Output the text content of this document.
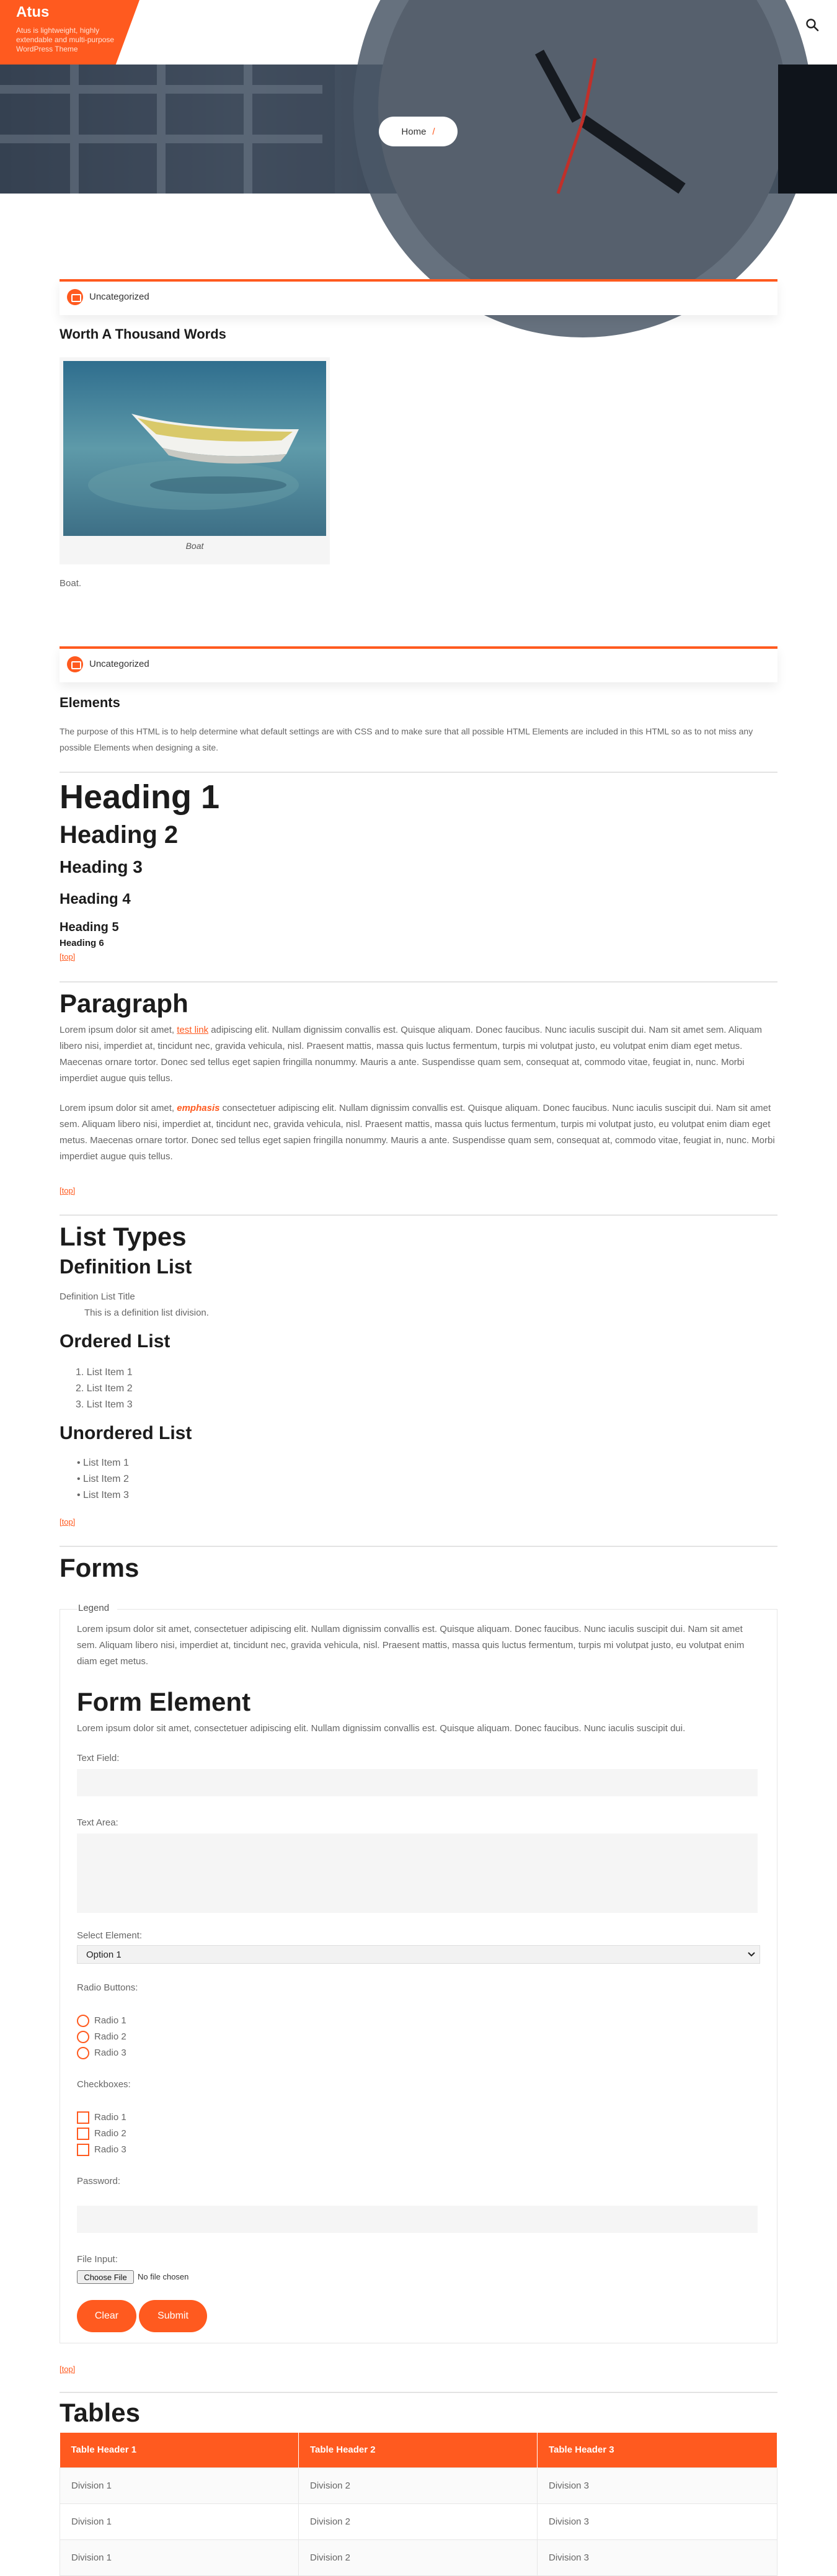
Atus
Atus is lightweight, highly extendable and multi-purpose WordPress Theme
Home /
Uncategorized
Worth A Thousand Words
Boat
Boat.
Uncategorized
Elements
The purpose of this HTML is to help determine what default settings are with CSS and to make sure that all possible HTML Elements are included in this HTML so as to not miss any possible Elements when designing a site.
Heading 1
Heading 2
Heading 3
Heading 4
Heading 5
Heading 6
[top]
Paragraph
Lorem ipsum dolor sit amet, test link adipiscing elit. Nullam dignissim convallis est. Quisque aliquam. Donec faucibus. Nunc iaculis suscipit dui. Nam sit amet sem. Aliquam libero nisi, imperdiet at, tincidunt nec, gravida vehicula, nisl. Praesent mattis, massa quis luctus fermentum, turpis mi volutpat justo, eu volutpat enim diam eget metus. Maecenas ornare tortor. Donec sed tellus eget sapien fringilla nonummy. Mauris a ante. Suspendisse quam sem, consequat at, commodo vitae, feugiat in, nunc. Morbi imperdiet augue quis tellus.
Lorem ipsum dolor sit amet, emphasis consectetuer adipiscing elit. Nullam dignissim convallis est. Quisque aliquam. Donec faucibus. Nunc iaculis suscipit dui. Nam sit amet sem. Aliquam libero nisi, imperdiet at, tincidunt nec, gravida vehicula, nisl. Praesent mattis, massa quis luctus fermentum, turpis mi volutpat justo, eu volutpat enim diam eget metus. Maecenas ornare tortor. Donec sed tellus eget sapien fringilla nonummy. Mauris a ante. Suspendisse quam sem, consequat at, commodo vitae, feugiat in, nunc. Morbi imperdiet augue quis tellus.
[top]
List Types
Definition List
Definition List Title
This is a definition list division.
Ordered List
1. List Item 1
2. List Item 2
3. List Item 3
Unordered List
• List Item 1
• List Item 2
• List Item 3
[top]
Forms
Legend
Lorem ipsum dolor sit amet, consectetuer adipiscing elit. Nullam dignissim convallis est. Quisque aliquam. Donec faucibus. Nunc iaculis suscipit dui. Nam sit amet sem. Aliquam libero nisi, imperdiet at, tincidunt nec, gravida vehicula, nisl. Praesent mattis, massa quis luctus fermentum, turpis mi volutpat justo, eu volutpat enim diam eget metus.
Form Element
Lorem ipsum dolor sit amet, consectetuer adipiscing elit. Nullam dignissim convallis est. Quisque aliquam. Donec faucibus. Nunc iaculis suscipit dui.
Text Field:
Text Area:
Select Element:
Option 1
Radio Buttons:
Radio 1
Radio 2
Radio 3
Checkboxes:
Radio 1
Radio 2
Radio 3
Password:
File Input:
Choose File	No file chosen
Clear	Submit
[top]
Tables
Table Header 1	Table Header 2	Table Header 3
Division 1	Division 2	Division 3
Division 1	Division 2	Division 3
Division 1	Division 2	Division 3
